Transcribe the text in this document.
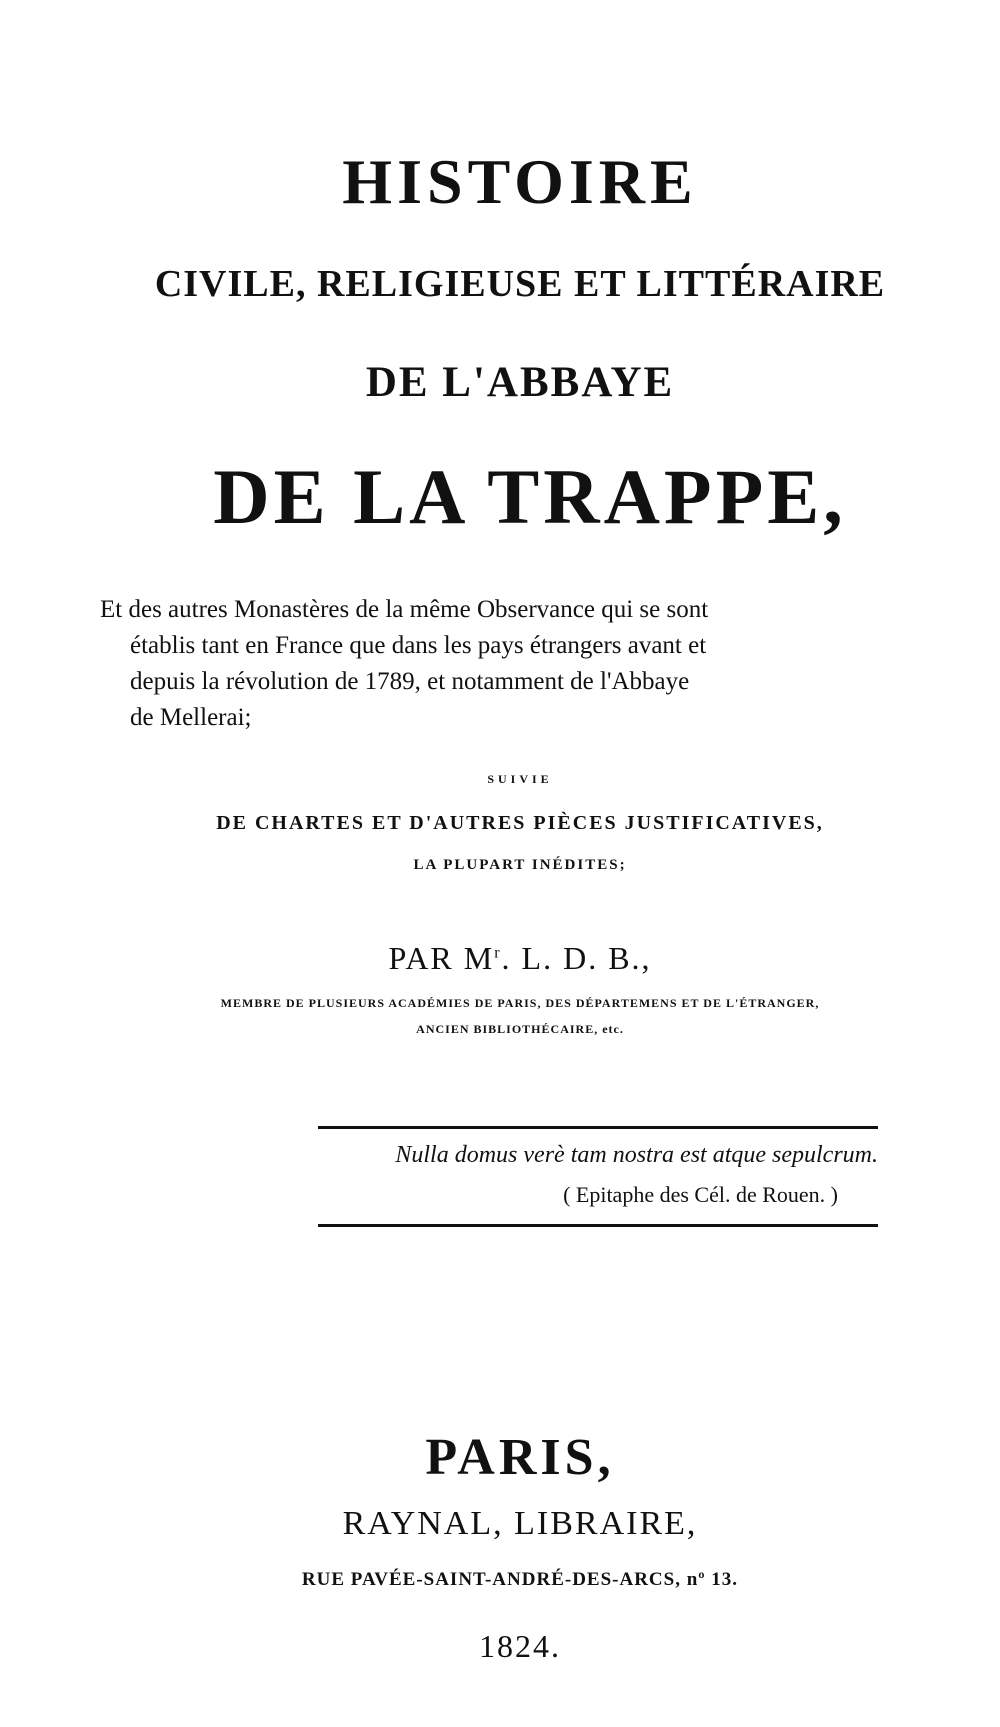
HISTOIRE
CIVILE, RELIGIEUSE ET LITTÉRAIRE
DE L'ABBAYE
DE LA TRAPPE,
Et des autres Monastères de la même Observance qui se sont
établis tant en France que dans les pays étrangers avant et
depuis la révolution de 1789, et notamment de l'Abbaye
de Mellerai;
SUIVIE
DE CHARTES ET D'AUTRES PIÈCES JUSTIFICATIVES,
LA PLUPART INÉDITES;
PAR $M^r$. L. D. B.,
MEMBRE DE PLUSIEURS ACADÉMIES DE PARIS, DES DÉPARTEMENS ET DE L'ÉTRANGER,
ANCIEN BIBLIOTHÉCAIRE, etc.
Nulla domus verè tam nostra est atque sepulcrum.
( Epitaphe des Cél. de Rouen. )
PARIS,
RAYNAL, LIBRAIRE,
RUE PAVÉE-SAINT-ANDRÉ-DES-ARCS, nº 13.
1824.
